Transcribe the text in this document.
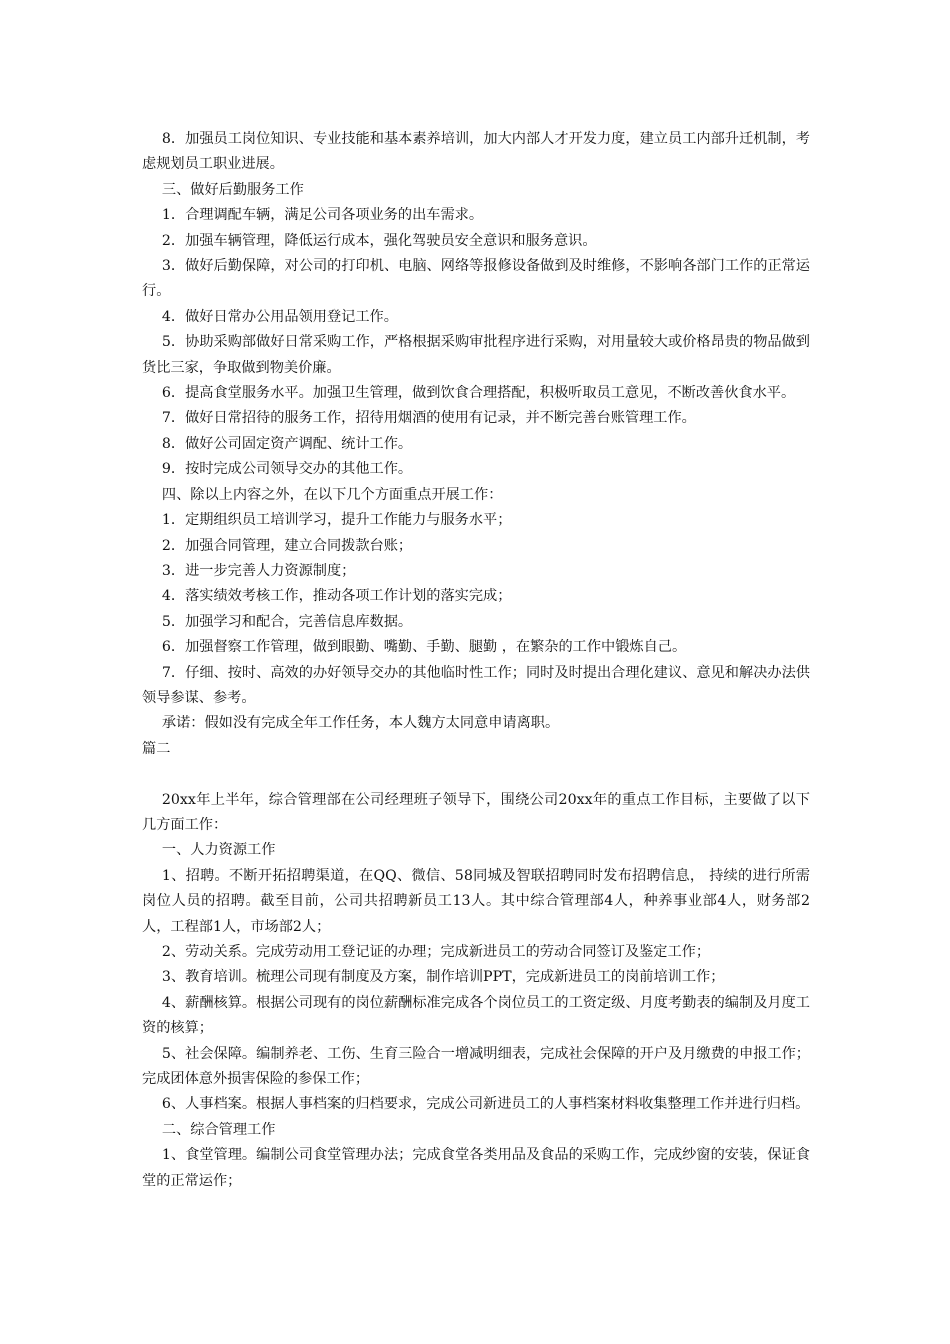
8．加强员工岗位知识、专业技能和基本素养培训，加大内部人才开发力度，建立员工内部升迁机制，考虑规划员工职业进展。

三、做好后勤服务工作

1．合理调配车辆，满足公司各项业务的出车需求。

2．加强车辆管理，降低运行成本，强化驾驶员安全意识和服务意识。

3．做好后勤保障，对公司的打印机、电脑、网络等报修设备做到及时维修，不影响各部门工作的正常运行。

4．做好日常办公用品领用登记工作。

5．协助采购部做好日常采购工作，严格根据采购审批程序进行采购，对用量较大或价格昂贵的物品做到货比三家，争取做到物美价廉。

6．提高食堂服务水平。加强卫生管理，做到饮食合理搭配，积极听取员工意见，不断改善伙食水平。

7．做好日常招待的服务工作，招待用烟酒的使用有记录，并不断完善台账管理工作。

8．做好公司固定资产调配、统计工作。

9．按时完成公司领导交办的其他工作。

四、除以上内容之外，在以下几个方面重点开展工作：

1．定期组织员工培训学习，提升工作能力与服务水平；

2．加强合同管理，建立合同拨款台账；

3．进一步完善人力资源制度；

4．落实绩效考核工作，推动各项工作计划的落实完成；

5．加强学习和配合，完善信息库数据。

6．加强督察工作管理，做到眼勤、嘴勤、手勤、腿勤 ，在繁杂的工作中锻炼自己。

7．仔细、按时、高效的办好领导交办的其他临时性工作；同时及时提出合理化建议、意见和解决办法供领导参谋、参考。

承诺：假如没有完成全年工作任务，本人魏方太同意申请离职。

篇二

20xx年上半年，综合管理部在公司经理班子领导下，围绕公司20xx年的重点工作目标，主要做了以下几方面工作：

一、人力资源工作

1、招聘。不断开拓招聘渠道，在QQ、微信、58同城及智联招聘同时发布招聘信息， 持续的进行所需岗位人员的招聘。截至目前，公司共招聘新员工13人。其中综合管理部4人，种养事业部4人，财务部2人，工程部1人，市场部2人；

2、劳动关系。完成劳动用工登记证的办理；完成新进员工的劳动合同签订及鉴定工作；

3、教育培训。梳理公司现有制度及方案，制作培训PPT，完成新进员工的岗前培训工作；

4、薪酬核算。根据公司现有的岗位薪酬标准完成各个岗位员工的工资定级、月度考勤表的编制及月度工资的核算；

5、社会保障。编制养老、工伤、生育三险合一增减明细表，完成社会保障的开户及月缴费的申报工作；完成团体意外损害保险的参保工作；

6、人事档案。根据人事档案的归档要求，完成公司新进员工的人事档案材料收集整理工作并进行归档。

二、综合管理工作

1、食堂管理。编制公司食堂管理办法；完成食堂各类用品及食品的采购工作，完成纱窗的安装，保证食堂的正常运作；
